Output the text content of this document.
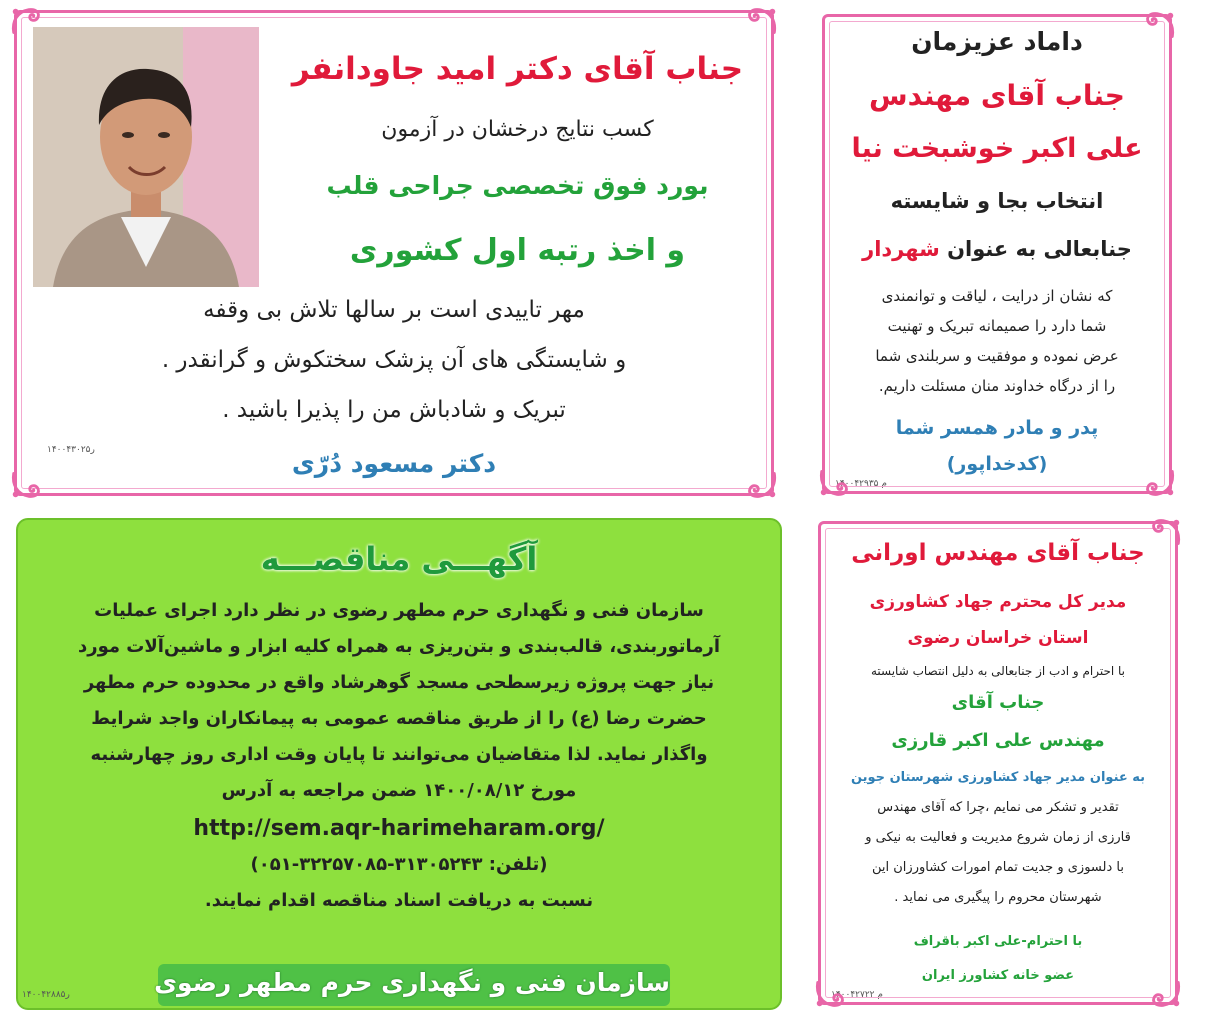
جناب آقای دکتر امید جاودانفر
کسب نتایج درخشان در آزمون
بورد فوق تخصصی جراحی قلب
و اخذ رتبه اول کشوری
مهر تاییدی است بر سالها تلاش بی وقفه
و شایستگی های آن پزشک سختکوش و گرانقدر .
تبریک و شادباش من را پذیرا باشید .
دکتر مسعود دُرّی
ر۱۴۰۰۴۳۰۲۵
داماد عزیزمان
جناب آقای مهندس
علی اکبر خوشبخت نیا
انتخاب بجا و شایسته
جنابعالی به عنوان شهردار
که نشان از درایت ، لیاقت و توانمندی
شما دارد را صمیمانه تبریک و تهنیت
عرض نموده و موفقیت و سربلندی شما
را از درگاه خداوند منان مسئلت داریم.
پدر و مادر همسر شما
(کدخداپور)
م ۱۴۰۰۴۲۹۳۵
آگهـــی مناقصـــه
سازمان فنی و نگهداری حرم مطهر رضوی در نظر دارد اجرای عملیات
آرماتوربندی، قالب‌بندی و بتن‌ریزی به همراه کلیه ابزار و ماشین‌آلات مورد
نیاز جهت پروژه زیرسطحی مسجد گوهرشاد واقع در محدوده حرم مطهر
حضرت رضا (ع) را از طریق مناقصه عمومی به پیمانکاران واجد شرایط
واگذار نماید. لذا متقاضیان می‌توانند تا پایان وقت اداری روز چهارشنبه
مورخ ۱۴۰۰/۰۸/۱۲ ضمن مراجعه به آدرس
http://sem.aqr-harimeharam.org/
(تلفن: ۳۱۳۰۵۲۴۳-۳۲۲۵۷۰۸۵-۰۵۱)
نسبت به دریافت اسناد مناقصه اقدام نمایند.
سازمان فنی و نگهداری حرم مطهر رضوی
ر۱۴۰۰۴۲۸۸۵
جناب آقای مهندس اورانی
مدیر کل محترم جهاد کشاورزی
استان خراسان رضوی
با احترام و ادب از جنابعالی به دلیل انتصاب شایسته
جناب آقای
مهندس علی اکبر قارزی
به عنوان مدیر جهاد کشاورزی شهرستان جوین
تقدیر و تشکر می نمایم ،چرا که آقای مهندس
قارزی از زمان شروع مدیریت و فعالیت به نیکی و
با دلسوزی و جدیت تمام امورات کشاورزان این
شهرستان محروم را پیگیری می نماید .
با احترام-علی اکبر باقراف
عضو خانه کشاورز ایران
م ۱۴۰۰۴۲۷۲۲
